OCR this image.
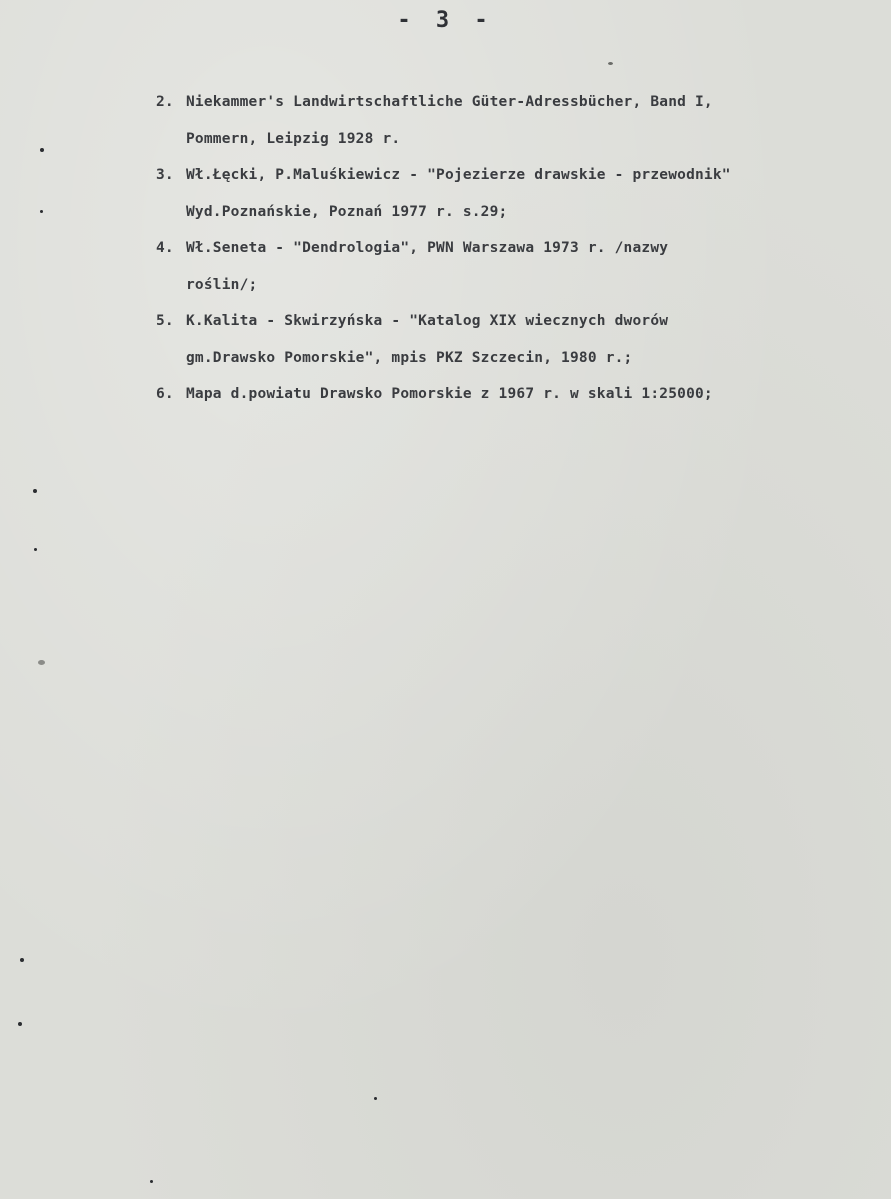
- 3 -
2. Niekammer's Landwirtschaftliche Güter-Adressbücher, Band I,
Pommern, Leipzig 1928 r.
3. Wł.Łęcki, P.Maluśkiewicz - "Pojezierze drawskie - przewodnik"
Wyd.Poznańskie, Poznań 1977 r. s.29;
4. Wł.Seneta - "Dendrologia", PWN Warszawa 1973 r. /nazwy
roślin/;
5. K.Kalita - Skwirzyńska - "Katalog XIX wiecznych dworów
gm.Drawsko Pomorskie", mpis PKZ Szczecin, 1980 r.;
6. Mapa d.powiatu Drawsko Pomorskie z 1967 r. w skali 1:25000;
